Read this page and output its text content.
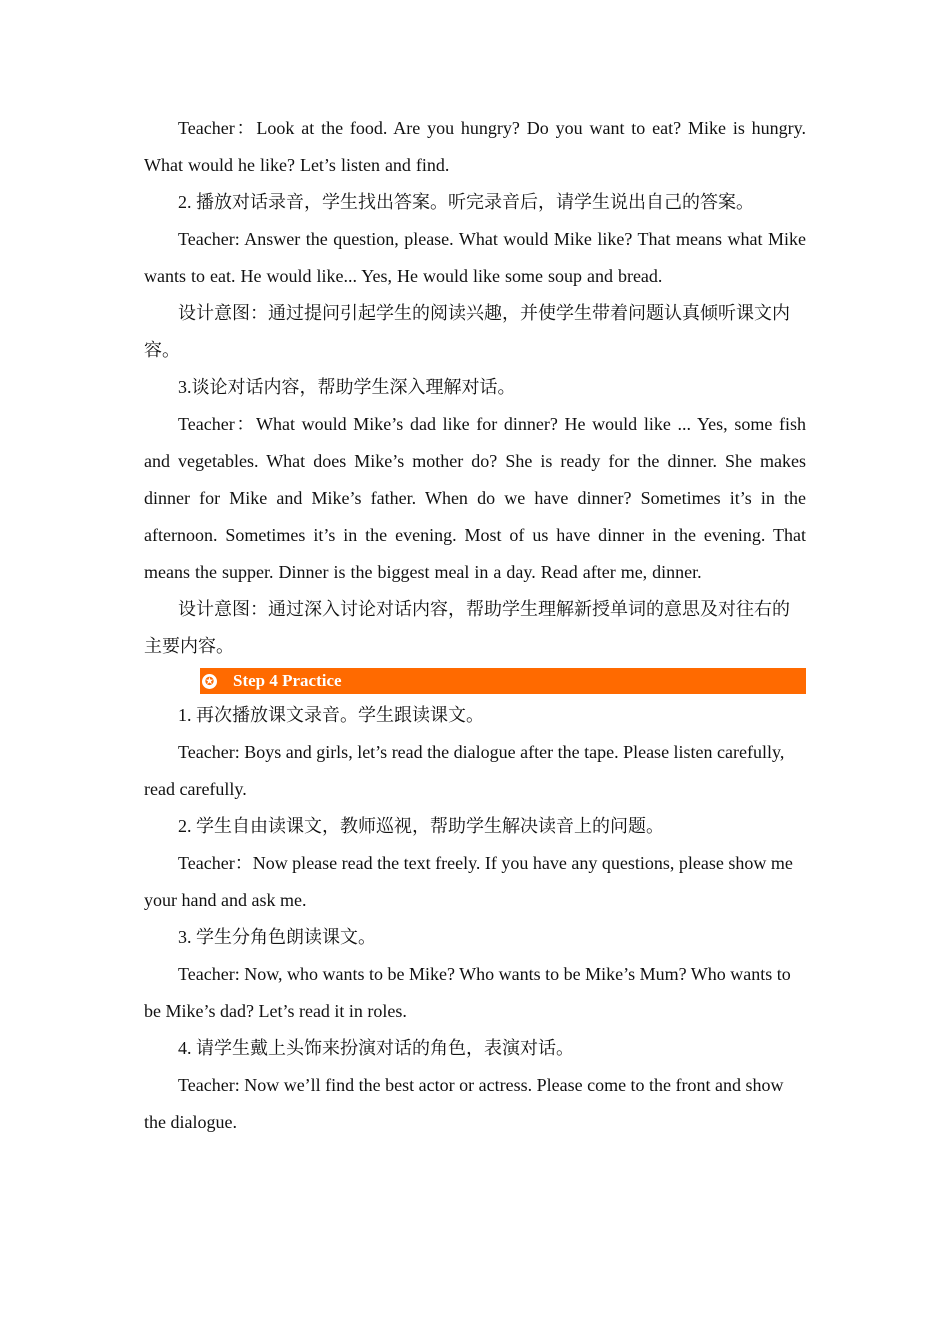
Teacher：Look at the food. Are you hungry? Do you want to eat? Mike is hungry. What would he like? Let’s listen and find.

2. 播放对话录音，学生找出答案。听完录音后，请学生说出自己的答案。

Teacher: Answer the question, please. What would Mike like? That means what Mike wants to eat. He would like... Yes, He would like some soup and bread.

设计意图：通过提问引起学生的阅读兴趣，并使学生带着问题认真倾听课文内容。

3.谈论对话内容，帮助学生深入理解对话。

Teacher：What would Mike’s dad like for dinner? He would like ... Yes, some fish and vegetables. What does Mike’s mother do? She is ready for the dinner. She makes dinner for Mike and Mike’s father. When do we have dinner? Sometimes it’s in the afternoon. Sometimes it’s in the evening. Most of us have dinner in the evening. That means the supper. Dinner is the biggest meal in a day. Read after me, dinner.

设计意图：通过深入讨论对话内容，帮助学生理解新授单词的意思及对往右的主要内容。

✪ Step 4 Practice

1. 再次播放课文录音。学生跟读课文。

Teacher: Boys and girls, let’s read the dialogue after the tape. Please listen carefully, read carefully.

2. 学生自由读课文，教师巡视，帮助学生解决读音上的问题。

Teacher：Now please read the text freely. If you have any questions, please show me your hand and ask me.

3. 学生分角色朗读课文。

Teacher: Now, who wants to be Mike? Who wants to be Mike’s Mum? Who wants to be Mike’s dad? Let’s read it in roles.

4. 请学生戴上头饰来扮演对话的角色，表演对话。

Teacher: Now we’ll find the best actor or actress. Please come to the front and show the dialogue.
